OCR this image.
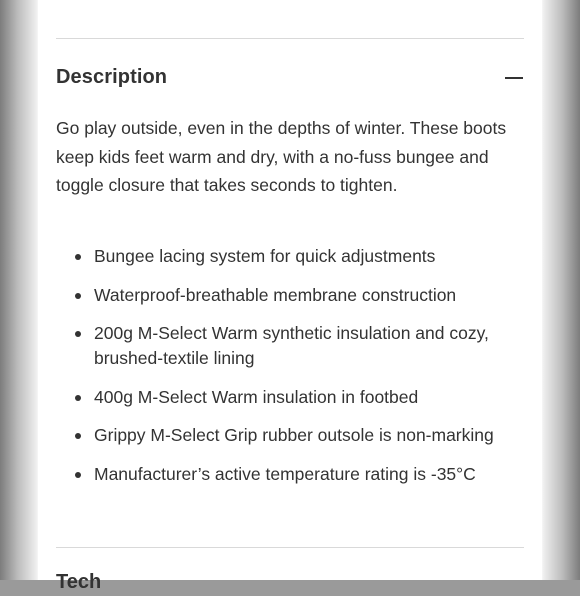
Description

Go play outside, even in the depths of winter. These boots keep kids feet warm and dry, with a no-fuss bungee and toggle closure that takes seconds to tighten.

Bungee lacing system for quick adjustments
Waterproof-breathable membrane construction
200g M-Select Warm synthetic insulation and cozy, brushed-textile lining
400g M-Select Warm insulation in footbed
Grippy M-Select Grip rubber outsole is non-marking
Manufacturer’s active temperature rating is -35°C
Tech
